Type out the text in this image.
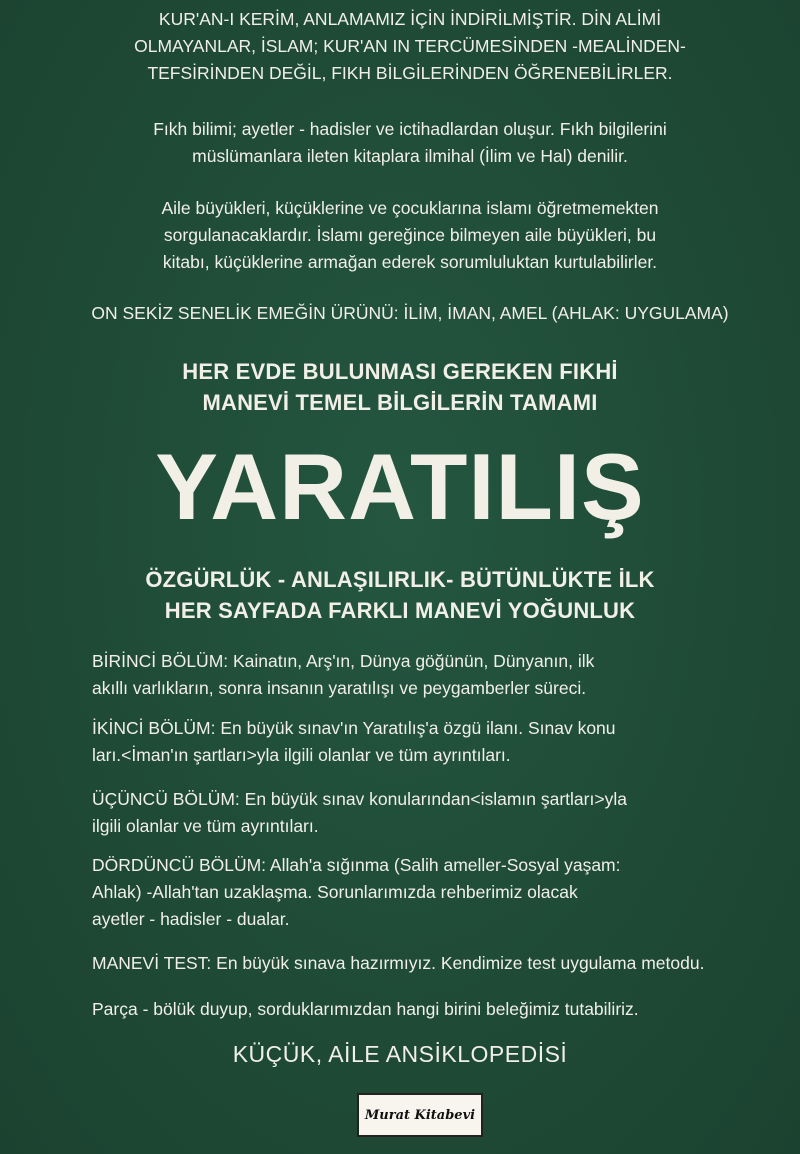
KUR'AN-I KERİM, ANLAMAMIZ İÇİN İNDİRİLMİŞTİR. DİN ALİMİ
OLMAYANLAR, İSLAM; KUR'AN IN TERCÜMESİNDEN -MEALİNDEN-
TEFSİRİNDEN DEĞİL, FIKH BİLGİLERİNDEN ÖĞRENEBİLİRLER.
Fıkh bilimi; ayetler - hadisler ve ictihadlardan oluşur. Fıkh bilgilerini
müslümanlara ileten kitaplara ilmihal (İlim ve Hal) denilir.
Aile büyükleri, küçüklerine ve çocuklarına islamı öğretmemekten
sorgulanacaklardır. İslamı gereğince bilmeyen aile büyükleri, bu
kitabı, küçüklerine armağan ederek sorumluluktan kurtulabilirler.
ON SEKİZ SENELİK EMEĞİN ÜRÜNÜ: İLİM, İMAN, AMEL (AHLAK: UYGULAMA)
HER EVDE BULUNMASI GEREKEN FIKHİ
MANEVİ TEMEL BİLGİLERİN TAMAMI
YARATILIŞ
ÖZGÜRLÜK - ANLAŞILIRLIK- BÜTÜNLÜKTE İLK
HER SAYFADA FARKLI MANEVİ YOĞUNLUK
BİRİNCİ BÖLÜM: Kainatın, Arş'ın, Dünya göğünün, Dünyanın, ilk
akıllı varlıkların, sonra insanın yaratılışı ve peygamberler süreci.
İKİNCİ BÖLÜM: En büyük sınav'ın Yaratılış'a özgü ilanı. Sınav konu
ları.<İman'ın şartları>yla ilgili olanlar ve tüm ayrıntıları.
ÜÇÜNCÜ BÖLÜM: En büyük sınav konularından<islamın şartları>yla
ilgili olanlar ve tüm ayrıntıları.
DÖRDÜNCÜ BÖLÜM: Allah'a sığınma (Salih ameller-Sosyal yaşam:
Ahlak) -Allah'tan uzaklaşma. Sorunlarımızda rehberimiz olacak
ayetler - hadisler - dualar.
MANEVİ TEST: En büyük sınava hazırmıyız. Kendimize test uygulama metodu.
Parça - bölük duyup, sorduklarımızdan hangi birini beleğimiz tutabiliriz.
KÜÇÜK, AİLE ANSİKLOPEDİSİ
Murat Kitabevi
